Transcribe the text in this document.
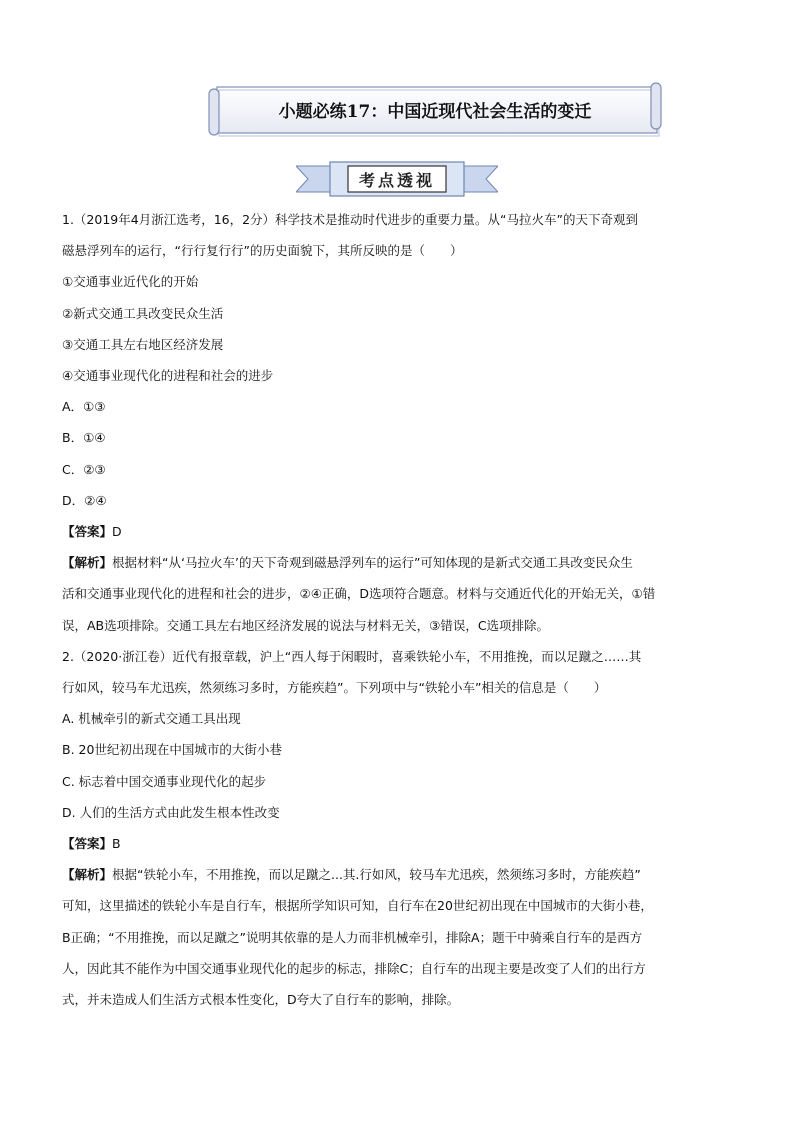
小题必练17：中国近现代社会生活的变迁
考点透视

1.（2019年4月浙江选考，16，2分）科学技术是推动时代进步的重要力量。从“马拉火车”的天下奇观到

磁悬浮列车的运行，“行行复行行”的历史面貌下，其所反映的是（　　）

①交通事业近代化的开始

②新式交通工具改变民众生活

③交通工具左右地区经济发展

④交通事业现代化的进程和社会的进步

A．①③

B．①④

C．②③

D．②④

【答案】D

【解析】根据材料“从‘马拉火车’的天下奇观到磁悬浮列车的运行”可知体现的是新式交通工具改变民众生

活和交通事业现代化的进程和社会的进步，②④正确，D选项符合题意。材料与交通近代化的开始无关，①错

误，AB选项排除。交通工具左右地区经济发展的说法与材料无关，③错误，C选项排除。

2.（2020·浙江卷）近代有报章载，沪上“西人每于闲暇时，喜乘铁轮小车，不用推挽，而以足蹴之……其

行如风，较马车尤迅疾，然须练习多时，方能疾趋”。下列项中与“铁轮小车”相关的信息是（　　）

A. 机械牵引的新式交通工具出现

B. 20世纪初出现在中国城市的大街小巷

C. 标志着中国交通事业现代化的起步

D. 人们的生活方式由此发生根本性改变

【答案】B

【解析】根据“铁轮小车，不用推挽，而以足蹴之...其.行如风，较马车尤迅疾，然须练习多时，方能疾趋”

可知，这里描述的铁轮小车是自行车，根据所学知识可知，自行车在20世纪初出现在中国城市的大街小巷，

B正确；“不用推挽，而以足蹴之”说明其依靠的是人力而非机械牵引，排除A；题干中骑乘自行车的是西方

人，因此其不能作为中国交通事业现代化的起步的标志，排除C；自行车的出现主要是改变了人们的出行方

式，并未造成人们生活方式根本性变化，D夸大了自行车的影响，排除。
